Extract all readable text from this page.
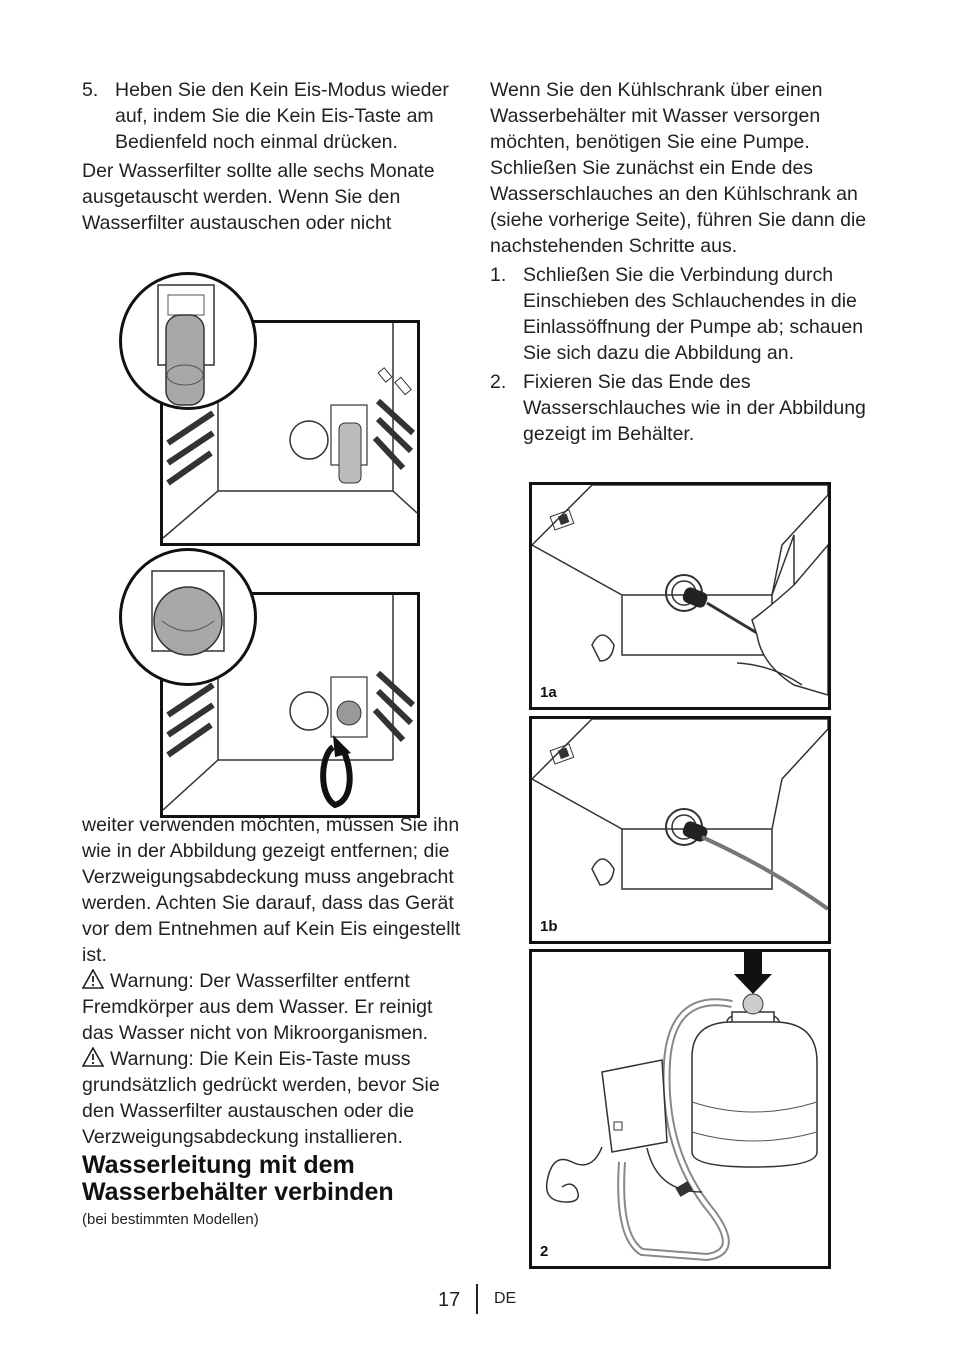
5. Heben Sie den Kein Eis-Modus wieder auf, indem Sie die Kein Eis-Taste am Bedienfeld noch einmal drücken.

Der Wasserfilter sollte alle sechs Monate ausgetauscht werden. Wenn Sie den Wasserfilter austauschen oder nicht

weiter verwenden möchten, müssen Sie ihn wie in der Abbildung gezeigt entfernen; die Verzweigungsabdeckung muss angebracht werden. Achten Sie darauf, dass das Gerät vor dem Entnehmen auf Kein Eis eingestellt ist.

Warnung: Der Wasserfilter entfernt Fremdkörper aus dem Wasser. Er reinigt das Wasser nicht von Mikroorganismen.

Warnung: Die Kein Eis-Taste muss grundsätzlich gedrückt werden, bevor Sie den Wasserfilter austauschen oder die Verzweigungsabdeckung installieren.

Wasserleitung mit dem
Wasserbehälter verbinden
(bei bestimmten Modellen)

Wenn Sie den Kühlschrank über einen Wasserbehälter mit Wasser versorgen möchten, benötigen Sie eine Pumpe. Schließen Sie zunächst ein Ende des Wasserschlauches an den Kühlschrank an (siehe vorherige Seite), führen Sie dann die nachstehenden Schritte aus.

1. Schließen Sie die Verbindung durch Einschieben des Schlauchendes in die Einlassöffnung der Pumpe ab; schauen Sie sich dazu die Abbildung an.
2. Fixieren Sie das Ende des Wasserschlauches wie in der Abbildung gezeigt im Behälter.
1a
1b
2
17 DE
